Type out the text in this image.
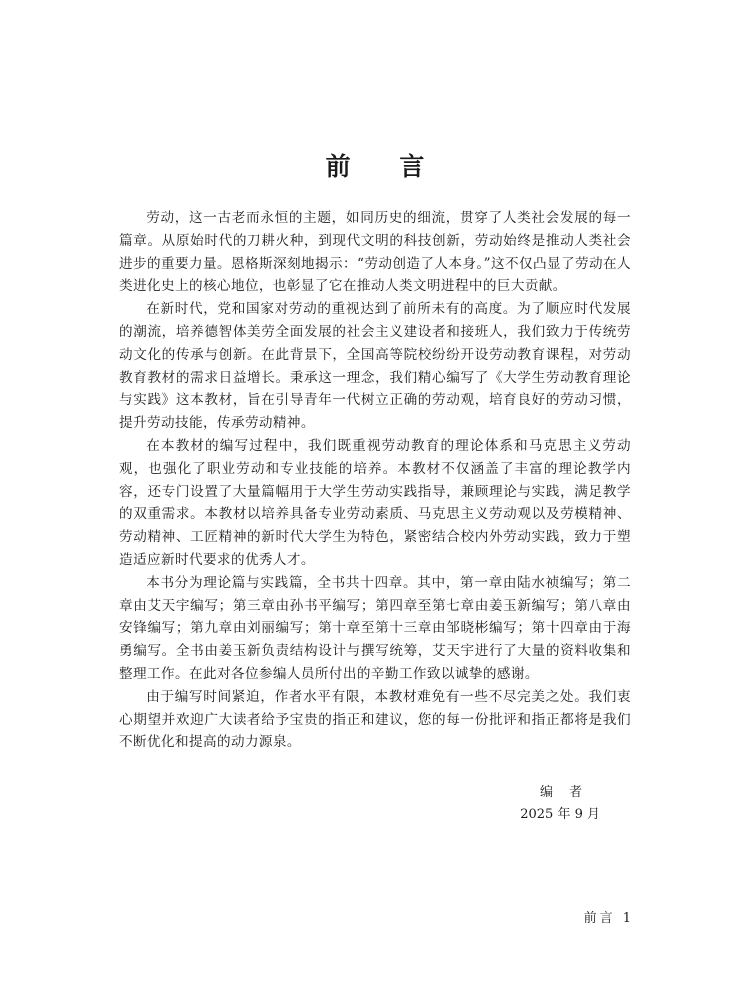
前 言

劳动，这一古老而永恒的主题，如同历史的细流，贯穿了人类社会发展的每一篇章。从原始时代的刀耕火种，到现代文明的科技创新，劳动始终是推动人类社会进步的重要力量。恩格斯深刻地揭示：“劳动创造了人本身。”这不仅凸显了劳动在人类进化史上的核心地位，也彰显了它在推动人类文明进程中的巨大贡献。

在新时代，党和国家对劳动的重视达到了前所未有的高度。为了顺应时代发展的潮流，培养德智体美劳全面发展的社会主义建设者和接班人，我们致力于传统劳动文化的传承与创新。在此背景下，全国高等院校纷纷开设劳动教育课程，对劳动教育教材的需求日益增长。秉承这一理念，我们精心编写了《大学生劳动教育理论与实践》这本教材，旨在引导青年一代树立正确的劳动观，培育良好的劳动习惯，提升劳动技能，传承劳动精神。

在本教材的编写过程中，我们既重视劳动教育的理论体系和马克思主义劳动观，也强化了职业劳动和专业技能的培养。本教材不仅涵盖了丰富的理论教学内容，还专门设置了大量篇幅用于大学生劳动实践指导，兼顾理论与实践，满足教学的双重需求。本教材以培养具备专业劳动素质、马克思主义劳动观以及劳模精神、劳动精神、工匠精神的新时代大学生为特色，紧密结合校内外劳动实践，致力于塑造适应新时代要求的优秀人才。

本书分为理论篇与实践篇，全书共十四章。其中，第一章由陆水祯编写；第二章由艾天宇编写；第三章由孙书平编写；第四章至第七章由姜玉新编写；第八章由安锋编写；第九章由刘丽编写；第十章至第十三章由邹晓彬编写；第十四章由于海勇编写。全书由姜玉新负责结构设计与撰写统筹，艾天宇进行了大量的资料收集和整理工作。在此对各位参编人员所付出的辛勤工作致以诚挚的感谢。

由于编写时间紧迫，作者水平有限，本教材难免有一些不尽完美之处。我们衷心期望并欢迎广大读者给予宝贵的指正和建议，您的每一份批评和指正都将是我们不断优化和提高的动力源泉。

编者
2025 年 9 月
前言 1
